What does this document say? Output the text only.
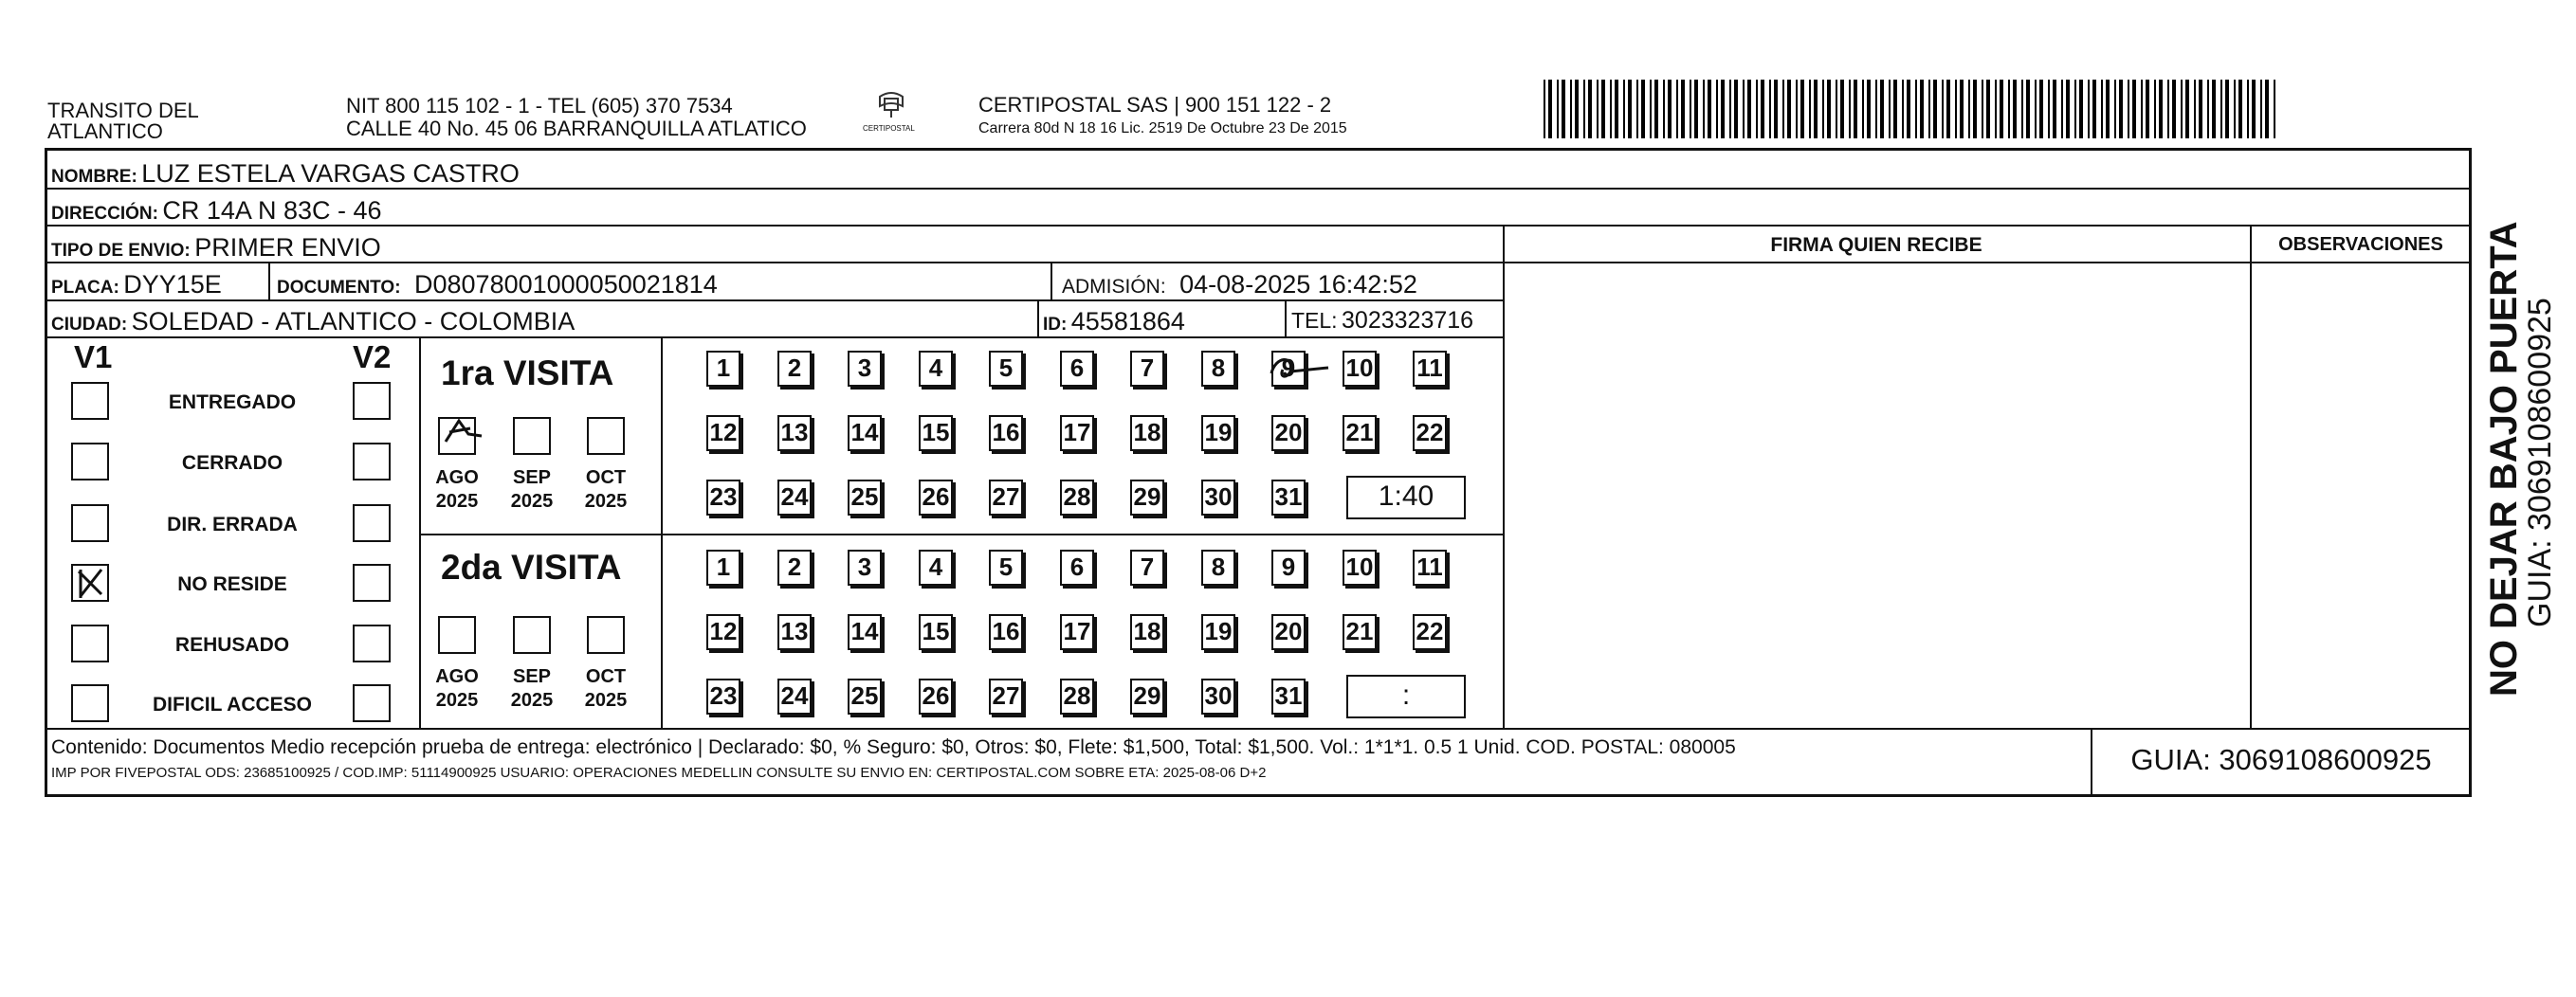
TRANSITO DEL
ATLANTICO
NIT 800 115 102 - 1 - TEL (605) 370 7534
CALLE 40 No. 45 06 BARRANQUILLA ATLATICO	CERTIPOSTAL
CERTIPOSTAL SAS | 900 151 122 - 2
Carrera 80d N 18 16 Lic. 2519 De Octubre 23 De 2015
NOMBRE: LUZ ESTELA VARGAS CASTRO
DIRECCIÓN: CR 14A N 83C - 46
TIPO DE ENVIO: PRIMER ENVIO	FIRMA QUIEN RECIBE	OBSERVACIONES
PLACA: DYY15E	DOCUMENTO: D08078001000050021814	ADMISIÓN: 04-08-2025 16:42:52
CIUDAD: SOLEDAD - ATLANTICO - COLOMBIA	ID: 45581864	TEL: 3023323716
V1	V2
ENTREGADO
CERRADO
DIR. ERRADA
NO RESIDE
REHUSADO
DIFICIL ACCESO
1ra VISITA
AGO
2025
SEP
2025
OCT
2025
1	2	3	4	5	6	7	8	9	10 11
12 13 14 15 16 17 18 19 20 21 22
23 24 25 26 27 28 29 30 31	1:40
2da VISITA
AGO
2025
SEP
2025
OCT
2025
1	2	3	4	5	6	7	8	9	10 11
12 13 14 15 16 17 18 19 20 21 22
23 24 25 26 27 28 29 30 31	:
Contenido: Documentos Medio recepción prueba de entrega: electrónico | Declarado: $0, % Seguro: $0, Otros: $0, Flete: $1,500, Total: $1,500. Vol.: 1*1*1. 0.5 1 Unid. COD. POSTAL: 080005
IMP POR FIVEPOSTAL ODS: 23685100925 / COD.IMP: 51114900925 USUARIO: OPERACIONES MEDELLIN CONSULTE SU ENVIO EN: CERTIPOSTAL.COM SOBRE ETA: 2025-08-06 D+2	GUIA: 3069108600925
NO DEJAR BAJO PUERTA
GUIA: 3069108600925
